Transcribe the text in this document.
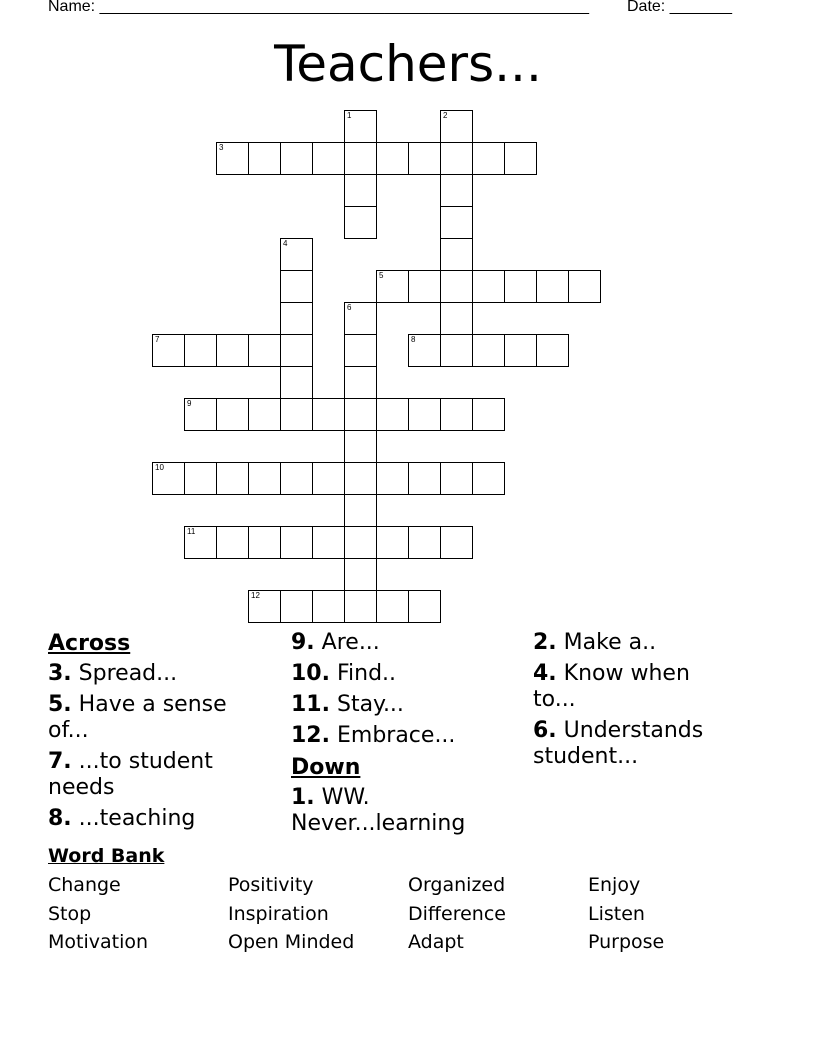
Name: _______________________________________________________ Date: _______
Teachers...
3
5
7	8
9
10
11
12
1	2
4
6
Across
3. Spread...
5. Have a sense of...
7. ...to student needs
8. ...teaching
9. Are...
10. Find..
11. Stay...
12. Embrace...
Down
1. WW. Never...learning
2. Make a..
4. Know when to...
6. Understands student...
Word Bank
Change	Positivity	Organized	Enjoy
Stop	Inspiration	Difference	Listen
Motivation	Open Minded	Adapt	Purpose
